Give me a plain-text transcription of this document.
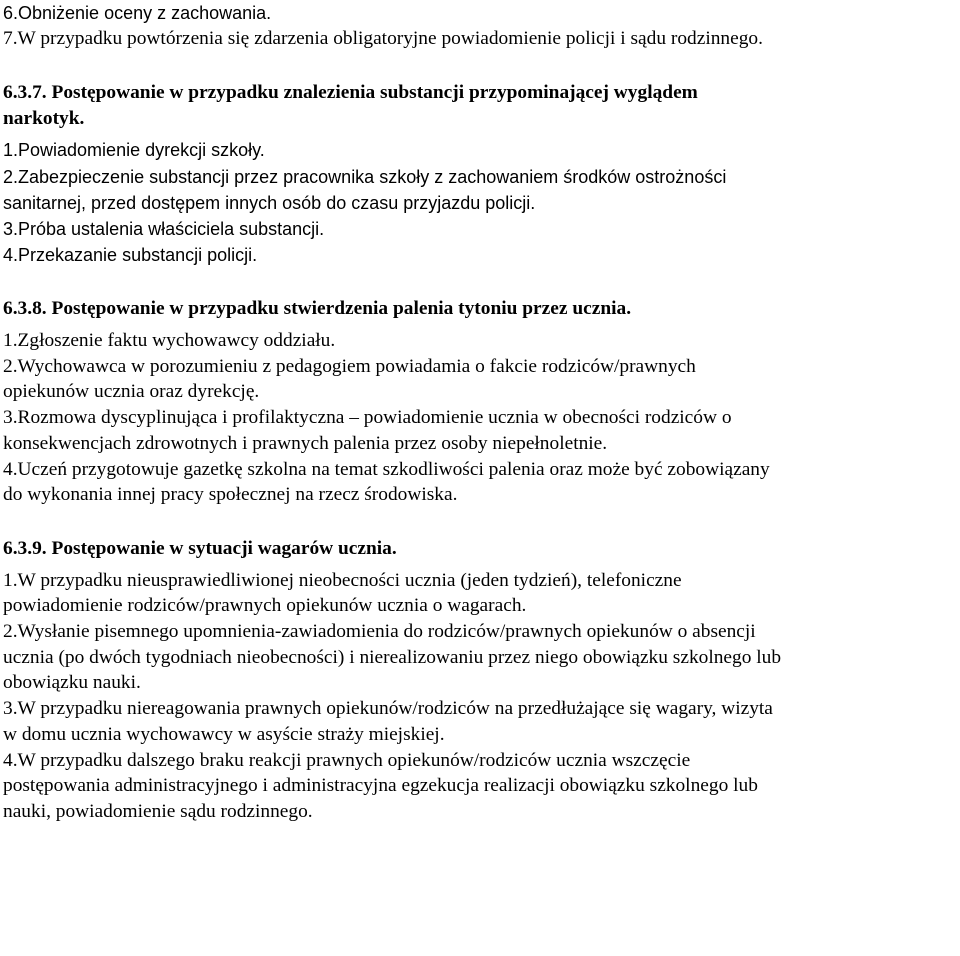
6.Obniżenie oceny z zachowania.
7.W przypadku powtórzenia się zdarzenia obligatoryjne powiadomienie policji i sądu rodzinnego.
6.3.7. Postępowanie w przypadku znalezienia substancji przypominającej wyglądem
narkotyk.
1.Powiadomienie dyrekcji szkoły.
2.Zabezpieczenie substancji przez pracownika szkoły z zachowaniem środków ostrożności
sanitarnej, przed dostępem innych osób do czasu przyjazdu policji.
3.Próba ustalenia właściciela substancji.
4.Przekazanie substancji policji.
6.3.8. Postępowanie w przypadku stwierdzenia palenia tytoniu przez ucznia.
1.Zgłoszenie faktu wychowawcy oddziału.
2.Wychowawca w porozumieniu z pedagogiem powiadamia o fakcie rodziców/prawnych
opiekunów ucznia oraz dyrekcję.
3.Rozmowa dyscyplinująca i profilaktyczna – powiadomienie ucznia w obecności rodziców o
konsekwencjach zdrowotnych i prawnych palenia przez osoby niepełnoletnie.
4.Uczeń przygotowuje gazetkę szkolna na temat szkodliwości palenia oraz może być zobowiązany
do wykonania innej pracy społecznej na rzecz środowiska.
6.3.9. Postępowanie w sytuacji wagarów ucznia.
1.W przypadku nieusprawiedliwionej nieobecności ucznia (jeden tydzień), telefoniczne
powiadomienie rodziców/prawnych opiekunów ucznia o wagarach.
2.Wysłanie pisemnego upomnienia-zawiadomienia do rodziców/prawnych opiekunów o absencji
ucznia (po dwóch tygodniach nieobecności) i nierealizowaniu przez niego obowiązku szkolnego lub
obowiązku nauki.
3.W przypadku niereagowania prawnych opiekunów/rodziców na przedłużające się wagary, wizyta
w domu ucznia wychowawcy w asyście straży miejskiej.
4.W przypadku dalszego braku reakcji prawnych opiekunów/rodziców ucznia wszczęcie
postępowania administracyjnego i administracyjna egzekucja realizacji obowiązku szkolnego lub
nauki, powiadomienie sądu rodzinnego.
